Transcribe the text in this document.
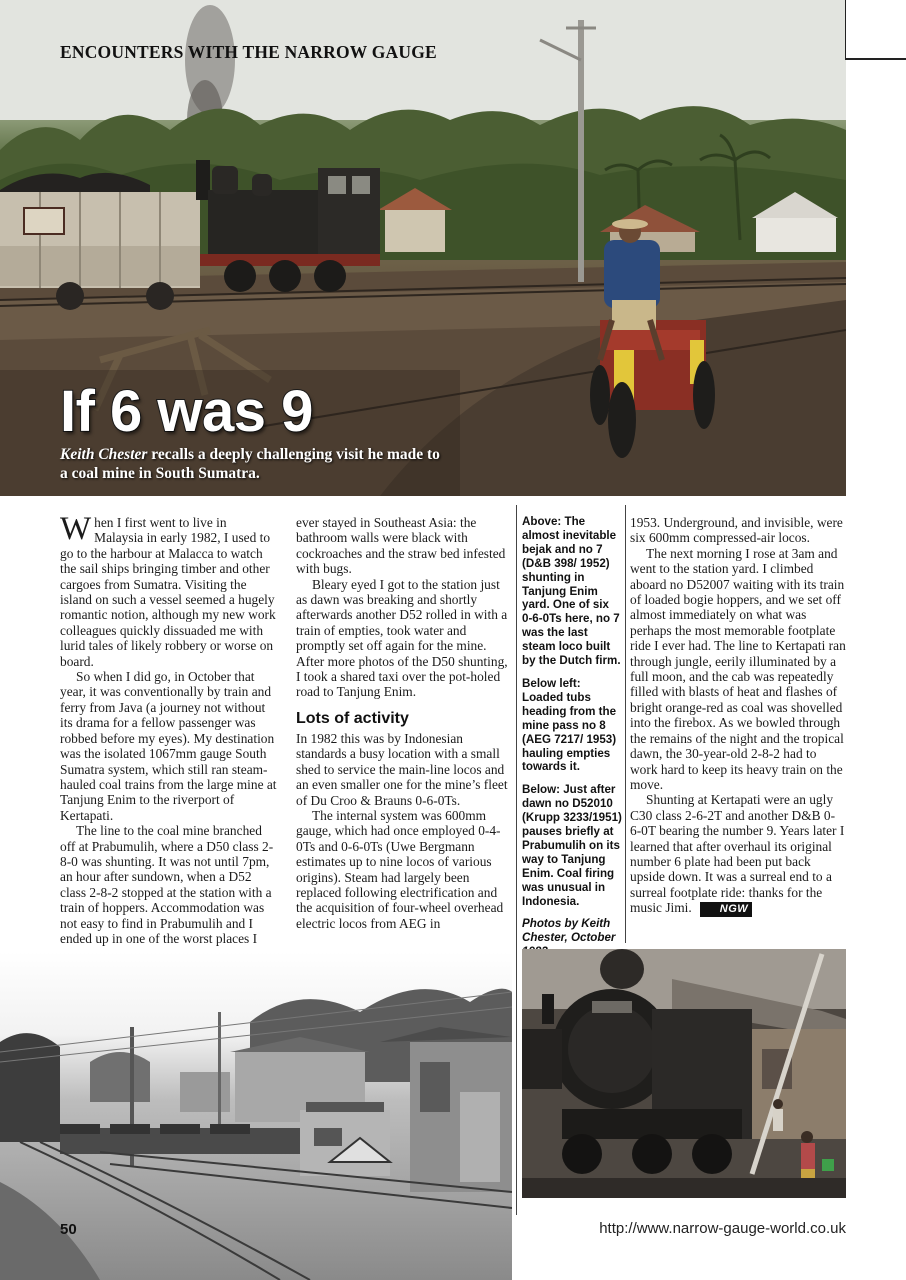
ENCOUNTERS WITH THE NARROW GAUGE
If 6 was 9
Keith Chester recalls a deeply challenging visit he made to a coal mine in South Sumatra.

When I first went to live in Malaysia in early 1982, I used to go to the harbour at Malacca to watch the sail ships bringing timber and other cargoes from Sumatra. Visiting the island on such a vessel seemed a hugely romantic notion, although my new work colleagues quickly dissuaded me with lurid tales of likely robbery or worse on board.

So when I did go, in October that year, it was conventionally by train and ferry from Java (a journey not without its drama for a fellow passenger was robbed before my eyes). My destination was the isolated 1067mm gauge South Sumatra system, which still ran steam-hauled coal trains from the large mine at Tanjung Enim to the riverport of Kertapati.

The line to the coal mine branched off at Prabumulih, where a D50 class 2-8-0 was shunting. It was not until 7pm, an hour after sundown, when a D52 class 2-8-2 stopped at the station with a train of hoppers. Accommodation was not easy to find in Prabumulih and I ended up in one of the worst places I

ever stayed in Southeast Asia: the bathroom walls were black with cockroaches and the straw bed infested with bugs.

Bleary eyed I got to the station just as dawn was breaking and shortly afterwards another D52 rolled in with a train of empties, took water and promptly set off again for the mine. After more photos of the D50 shunting, I took a shared taxi over the pot-holed road to Tanjung Enim.

Lots of activity

In 1982 this was by Indonesian standards a busy location with a small shed to service the main-line locos and an even smaller one for the mine’s fleet of Du Croo & Brauns 0-6-0Ts.

The internal system was 600mm gauge, which had once employed 0-4-0Ts and 0-6-0Ts (Uwe Bergmann estimates up to nine locos of various origins). Steam had largely been replaced following electrification and the acquisition of four-wheel overhead electric locos from AEG in

Above: The almost inevitable bejak and no 7 (D&B 398/ 1952) shunting in Tanjung Enim yard. One of six 0-6-0Ts here, no 7 was the last steam loco built by the Dutch firm.

Below left: Loaded tubs heading from the mine pass no 8 (AEG 7217/ 1953) hauling empties towards it.

Below: Just after dawn no D52010 (Krupp 3233/1951) pauses briefly at Prabumulih on its way to Tanjung Enim. Coal firing was unusual in Indonesia.

Photos by Keith Chester, October

1953. Underground, and invisible, were six 600mm compressed-air locos.

The next morning I rose at 3am and went to the station yard. I climbed aboard no D52007 waiting with its train of loaded bogie hoppers, and we set off almost immediately on what was perhaps the most memorable footplate ride I ever had. The line to Kertapati ran through jungle, eerily illuminated by a full moon, and the cab was repeatedly filled with blasts of heat and flashes of bright orange-red as coal was shovelled into the firebox. As we bowled through the remains of the night and the tropical dawn, the 30-year-old 2-8-2 had to work hard to keep its heavy train on the move.

Shunting at Kertapati were an ugly C30 class 2-6-2T and another D&B 0-6-0T bearing the number 9. Years later I learned that after overhaul its original number 6 plate had been put back upside down. It was a surreal end to a surreal footplate ride: thanks for the music Jimi.	NGW

50	http://www.narrow-gauge-world.co.uk
